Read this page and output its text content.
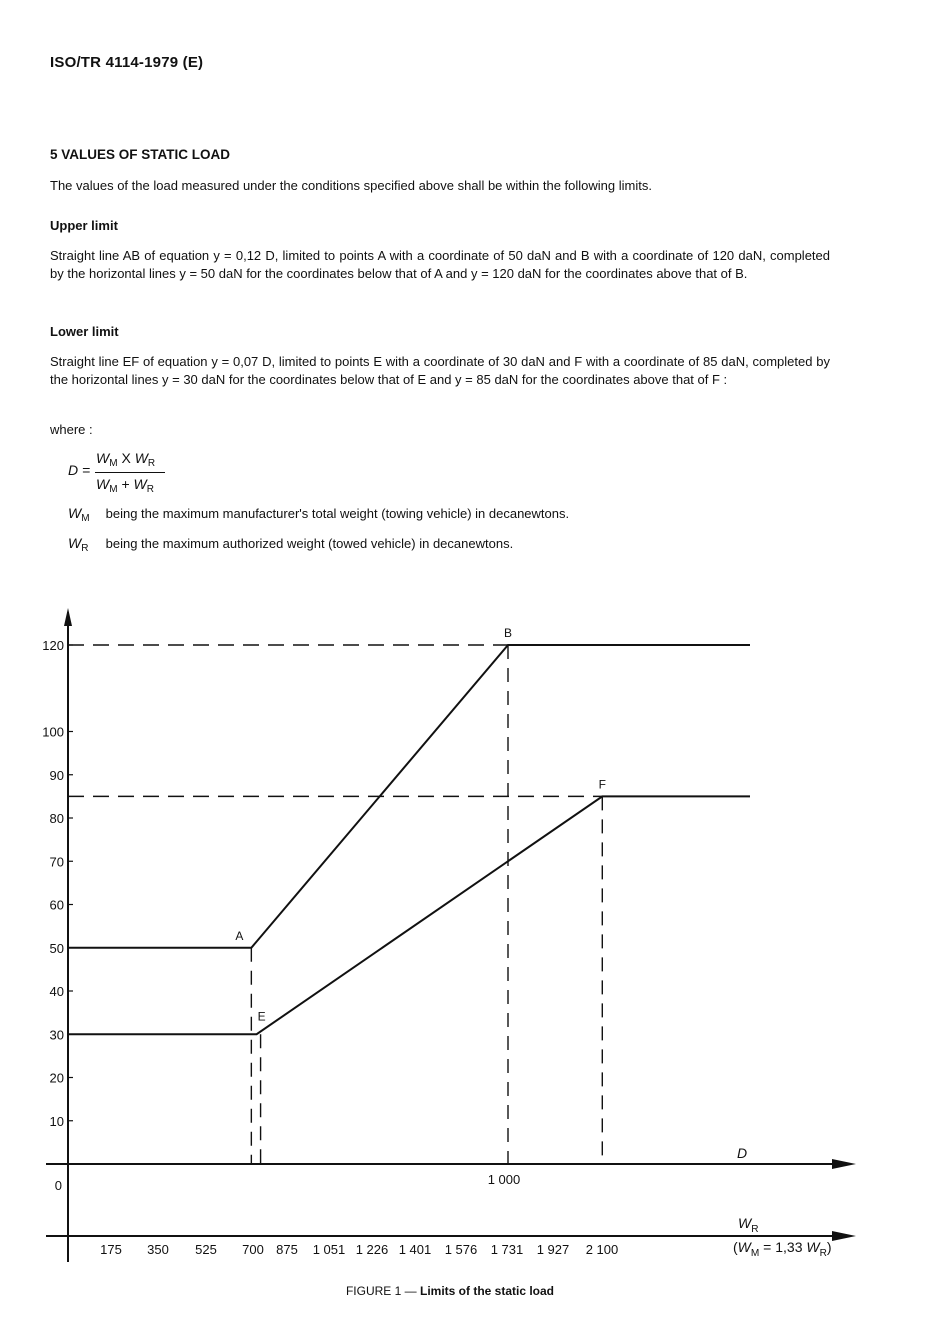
ISO/TR 4114-1979 (E)
5 VALUES OF STATIC LOAD
The values of the load measured under the conditions specified above shall be within the following limits.
Upper limit
Straight line AB of equation y = 0,12 D, limited to points A with a coordinate of 50 daN and B with a coordinate of 120 daN, completed by the horizontal lines y = 50 daN for the coordinates below that of A and y = 120 daN for the coordinates above that of B.
Lower limit
Straight line EF of equation y = 0,07 D, limited to points E with a coordinate of 30 daN and F with a coordinate of 85 daN, completed by the horizontal lines y = 30 daN for the coordinates below that of E and y = 85 daN for the coordinates above that of F :
where :
D =
$W_M$ X $W_R$
$W_M + W_R$
$W_M$ being the maximum manufacturer's total weight (towing vehicle) in decanewtons.
$W_R$ being the maximum authorized weight (towed vehicle) in decanewtons.
0
10
20
30
40
50
60
70
80
90
100
120
1 000
175 350 525 700 875 1 051 1 226 1 401 1 576 1 731 1 927 2 100
D
$W_R$
($W_M = 1,33$ $W_R$)
A
B
E
F
FIGURE 1 — Limits of the static load
